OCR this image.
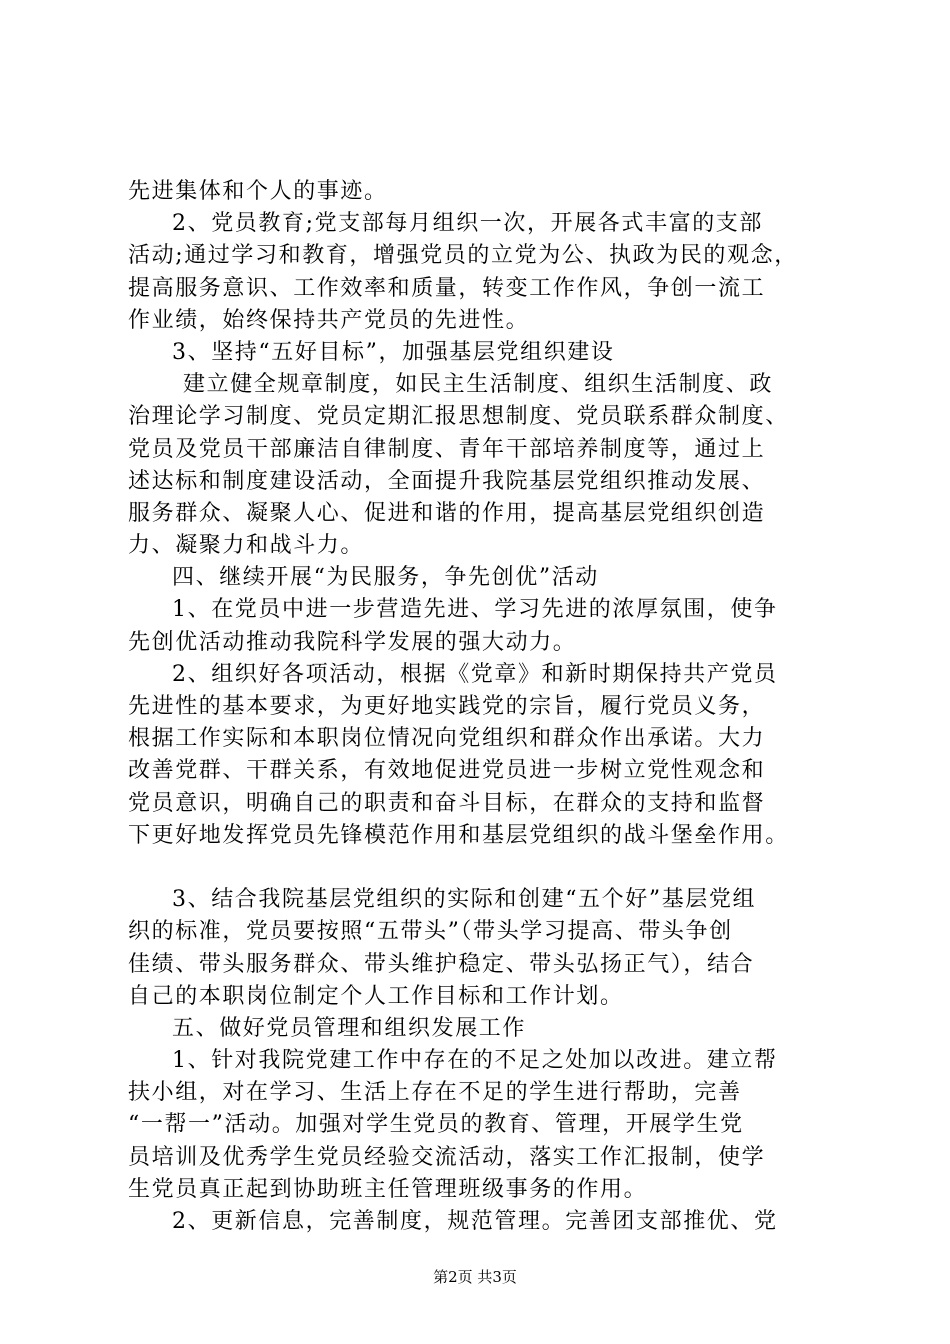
先进集体和个人的事迹。
2、党员教育;党支部每月组织一次，开展各式丰富的支部
活动;通过学习和教育，增强党员的立党为公、执政为民的观念，
提高服务意识、工作效率和质量，转变工作作风，争创一流工
作业绩，始终保持共产党员的先进性。
3、坚持“五好目标”，加强基层党组织建设
建立健全规章制度，如民主生活制度、组织生活制度、政
治理论学习制度、党员定期汇报思想制度、党员联系群众制度、
党员及党员干部廉洁自律制度、青年干部培养制度等，通过上
述达标和制度建设活动，全面提升我院基层党组织推动发展、
服务群众、凝聚人心、促进和谐的作用，提高基层党组织创造
力、凝聚力和战斗力。
四、继续开展“为民服务，争先创优”活动
1、在党员中进一步营造先进、学习先进的浓厚氛围，使争
先创优活动推动我院科学发展的强大动力。
2、组织好各项活动，根据《党章》和新时期保持共产党员
先进性的基本要求，为更好地实践党的宗旨，履行党员义务，
根据工作实际和本职岗位情况向党组织和群众作出承诺。大力
改善党群、干群关系，有效地促进党员进一步树立党性观念和
党员意识，明确自己的职责和奋斗目标，在群众的支持和监督
下更好地发挥党员先锋模范作用和基层党组织的战斗堡垒作用。
3、结合我院基层党组织的实际和创建“五个好”基层党组
织的标准，党员要按照“五带头”（带头学习提高、带头争创
佳绩、带头服务群众、带头维护稳定、带头弘扬正气），结合
自己的本职岗位制定个人工作目标和工作计划。
五、做好党员管理和组织发展工作
1、针对我院党建工作中存在的不足之处加以改进。建立帮
扶小组，对在学习、生活上存在不足的学生进行帮助，完善
“一帮一”活动。加强对学生党员的教育、管理，开展学生党
员培训及优秀学生党员经验交流活动，落实工作汇报制，使学
生党员真正起到协助班主任管理班级事务的作用。
2、更新信息，完善制度，规范管理。完善团支部推优、党
第2页 共3页
